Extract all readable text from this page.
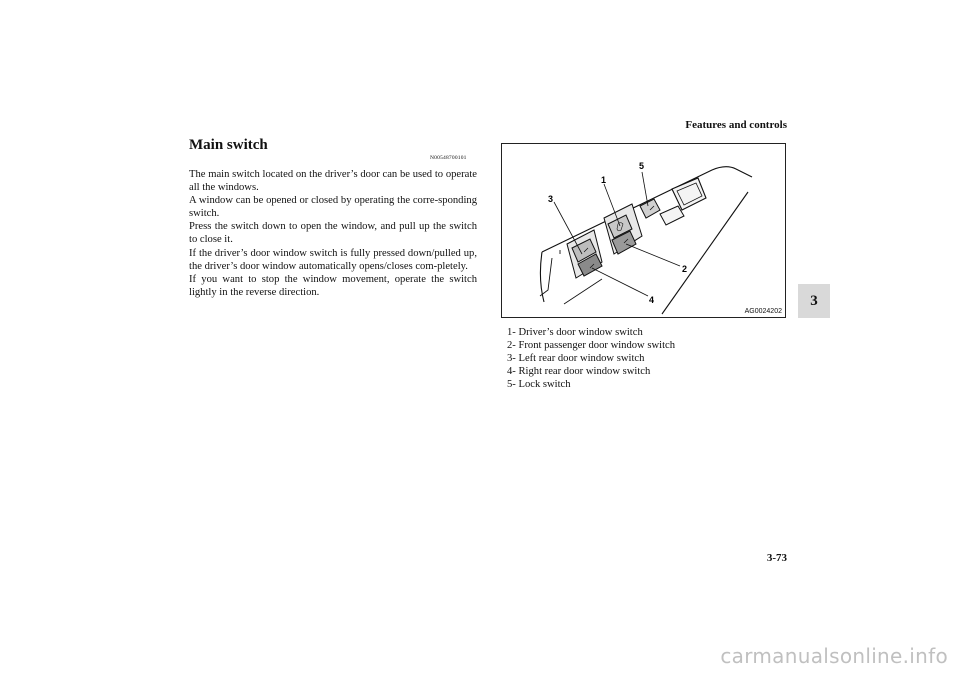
Features and controls
3
Main switch
N00548700101

The main switch located on the driver’s door can be used to operate all the windows.

A window can be opened or closed by operating the corre-sponding switch.

Press the switch down to open the window, and pull up the switch to close it.

If the driver’s door window switch is fully pressed down/pulled up, the driver’s door window automatically opens/closes com-pletely.

If you want to stop the window movement, operate the switch lightly in the reverse direction.

3
1
5
2
4
AG0024202
1- Driver’s door window switch
2- Front passenger door window switch
3- Left rear door window switch
4- Right rear door window switch
5- Lock switch
3-73
carmanualsonline.info
